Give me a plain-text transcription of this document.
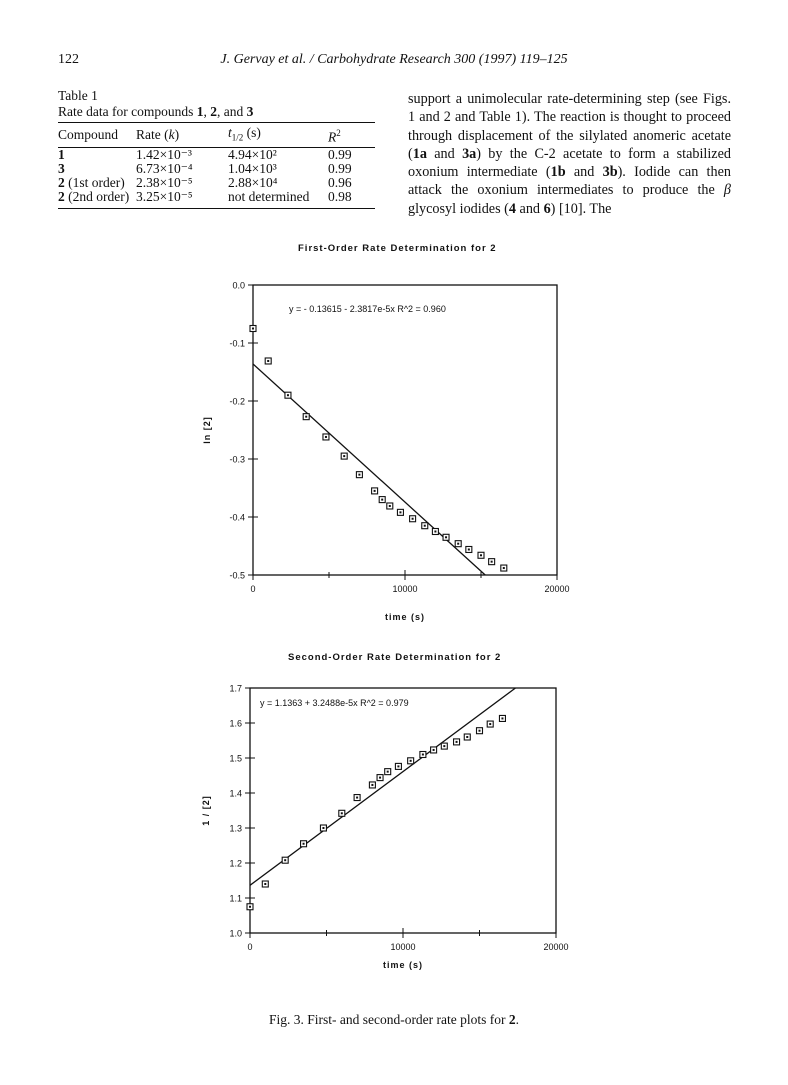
122	J. Gervay et al. / Carbohydrate Research 300 (1997) 119–125
Table 1
Rate data for compounds 1, 2, and 3
Compound	Rate (k)	$t_{1/2}$ (s)	$R^2$
1	1.42×10⁻³	4.94×10²	0.99
3	6.73×10⁻⁴	1.04×10³	0.99
2 (1st order)	2.38×10⁻⁵	2.88×10⁴	0.96
2 (2nd order)	3.25×10⁻⁵	not determined	0.98

support a unimolecular rate-determining step (see Figs. 1 and 2 and Table 1). The reaction is thought to proceed through displacement of the silylated anomeric acetate (1a and 3a) by the C-2 acetate to form a stabilized oxonium intermediate (1b and 3b). Iodide can then attack the oxonium intermediates to produce the β glycosyl iodides (4 and 6) [10]. The

First-Order Rate Determination for 2
0.0
-0.1
-0.2
-0.3
-0.4
-0.5
0	10000	20000
y = - 0.13615 - 2.3817e-5x R^2 = 0.960
time (s)
ln [2]
Second-Order Rate Determination for 2
1.0
1.1
1.2
1.3
1.4
1.5
1.6
1.7
0	10000	20000
y = 1.1363 + 3.2488e-5x R^2 = 0.979
time (s)
1 / [2]
Fig. 3. First- and second-order rate plots for 2.
